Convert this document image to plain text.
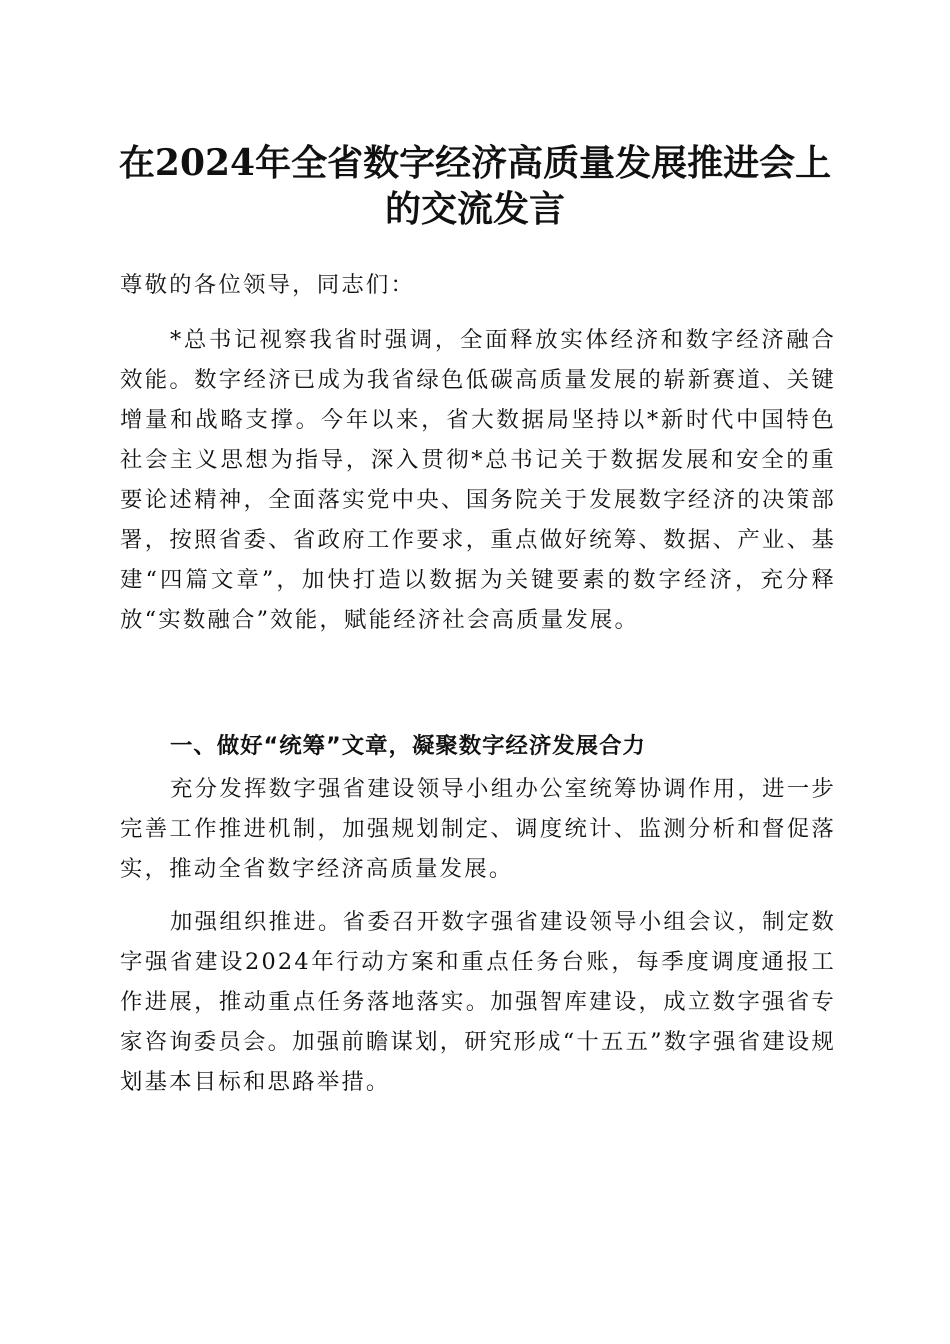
在2024年全省数字经济高质量发展推进会上
的交流发言
尊敬的各位领导，同志们：
*总书记视察我省时强调，全面释放实体经济和数字经济融合效能。数字经济已成为我省绿色低碳高质量发展的崭新赛道、关键增量和战略支撑。今年以来，省大数据局坚持以*新时代中国特色社会主义思想为指导，深入贯彻*总书记关于数据发展和安全的重要论述精神，全面落实党中央、国务院关于发展数字经济的决策部署，按照省委、省政府工作要求，重点做好统筹、数据、产业、基建“四篇文章”，加快打造以数据为关键要素的数字经济，充分释放“实数融合”效能，赋能经济社会高质量发展。
一、做好“统筹”文章，凝聚数字经济发展合力
充分发挥数字强省建设领导小组办公室统筹协调作用，进一步完善工作推进机制，加强规划制定、调度统计、监测分析和督促落实，推动全省数字经济高质量发展。
加强组织推进。省委召开数字强省建设领导小组会议，制定数字强省建设2024年行动方案和重点任务台账，每季度调度通报工作进展，推动重点任务落地落实。加强智库建设，成立数字强省专家咨询委员会。加强前瞻谋划，研究形成“十五五”数字强省建设规划基本目标和思路举措。
